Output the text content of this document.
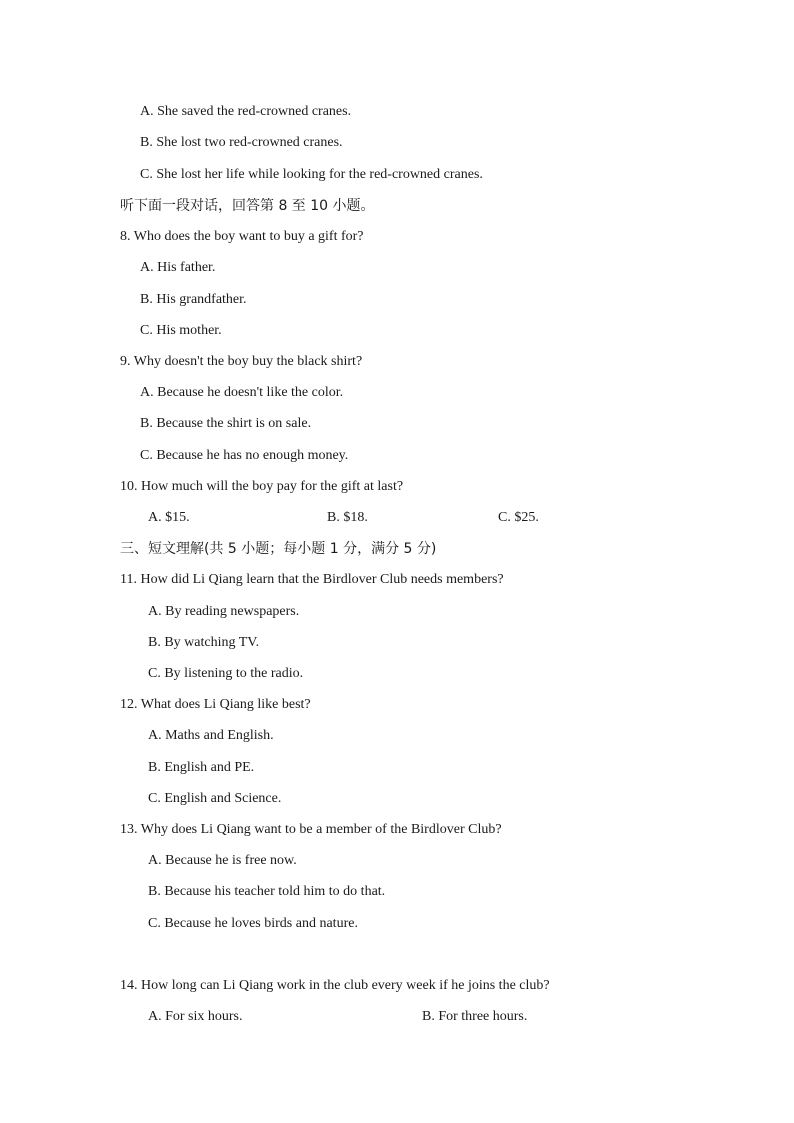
A. She saved the red-crowned cranes.
B. She lost two red-crowned cranes.
C. She lost her life while looking for the red-crowned cranes.
听下面一段对话，回答第 8 至 10 小题。
8. Who does the boy want to buy a gift for?
A. His father.
B. His grandfather.
C. His mother.
9. Why doesn't the boy buy the black shirt?
A. Because he doesn't like the color.
B. Because the shirt is on sale.
C. Because he has no enough money.
10. How much will the boy pay for the gift at last?
A. $15.	B. $18.	C. $25.
三、短文理解(共 5 小题；每小题 1 分，满分 5 分)
11. How did Li Qiang learn that the Birdlover Club needs members?
A. By reading newspapers.
B. By watching TV.
C. By listening to the radio.
12. What does Li Qiang like best?
A. Maths and English.
B. English and PE.
C. English and Science.
13. Why does Li Qiang want to be a member of the Birdlover Club?
A. Because he is free now.
B. Because his teacher told him to do that.
C. Because he loves birds and nature.
14. How long can Li Qiang work in the club every week if he joins the club?
A. For six hours.	B. For three hours.
